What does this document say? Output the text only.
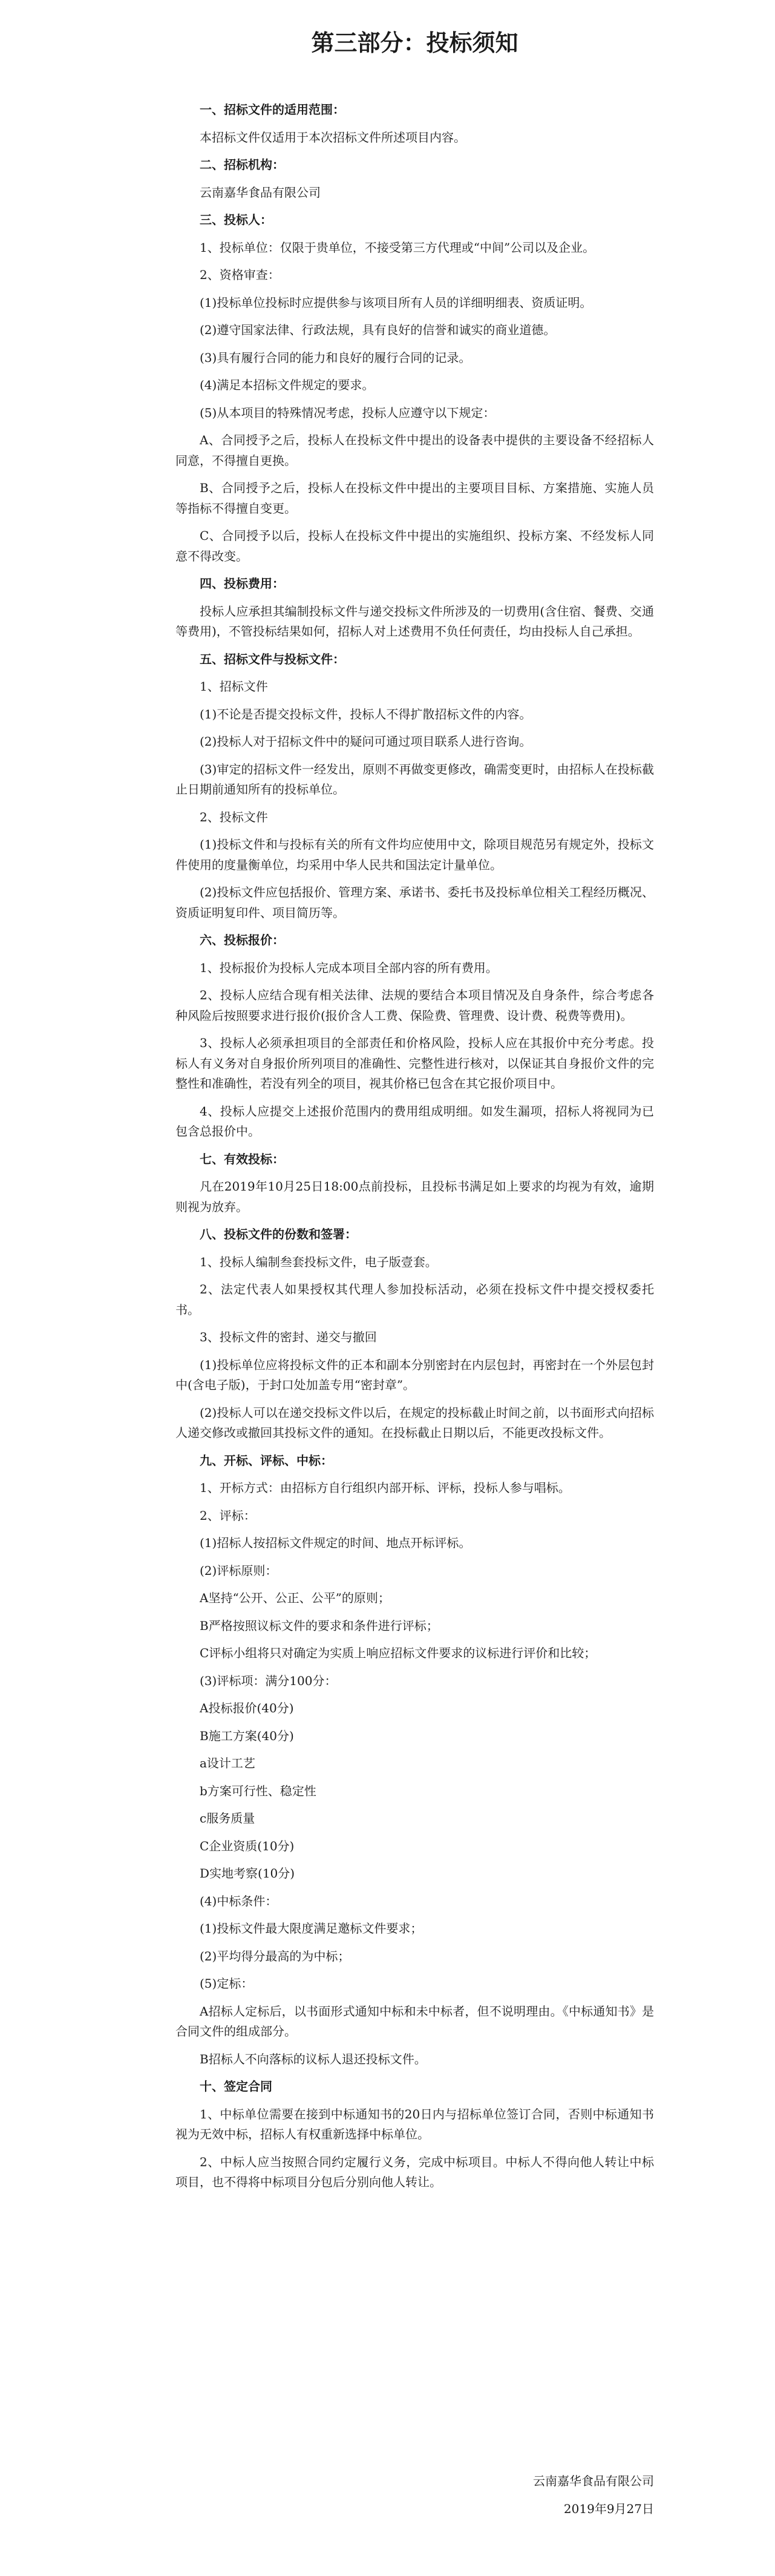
第三部分：投标须知

一、招标文件的适用范围：

本招标文件仅适用于本次招标文件所述项目内容。

二、招标机构：

云南嘉华食品有限公司

三、投标人：

1、投标单位：仅限于贵单位，不接受第三方代理或“中间”公司以及企业。

2、资格审查：

(1)投标单位投标时应提供参与该项目所有人员的详细明细表、资质证明。

(2)遵守国家法律、行政法规，具有良好的信誉和诚实的商业道德。

(3)具有履行合同的能力和良好的履行合同的记录。

(4)满足本招标文件规定的要求。

(5)从本项目的特殊情况考虑，投标人应遵守以下规定：

A、合同授予之后，投标人在投标文件中提出的设备表中提供的主要设备不经招标人同意，不得擅自更换。

B、合同授予之后，投标人在投标文件中提出的主要项目目标、方案措施、实施人员等指标不得擅自变更。

C、合同授予以后，投标人在投标文件中提出的实施组织、投标方案、不经发标人同意不得改变。

四、投标费用：

投标人应承担其编制投标文件与递交投标文件所涉及的一切费用(含住宿、餐费、交通等费用)，不管投标结果如何，招标人对上述费用不负任何责任，均由投标人自己承担。

五、招标文件与投标文件：

1、招标文件

(1)不论是否提交投标文件，投标人不得扩散招标文件的内容。

(2)投标人对于招标文件中的疑问可通过项目联系人进行咨询。

(3)审定的招标文件一经发出，原则不再做变更修改，确需变更时，由招标人在投标截止日期前通知所有的投标单位。

2、投标文件

(1)投标文件和与投标有关的所有文件均应使用中文，除项目规范另有规定外，投标文件使用的度量衡单位，均采用中华人民共和国法定计量单位。

(2)投标文件应包括报价、管理方案、承诺书、委托书及投标单位相关工程经历概况、资质证明复印件、项目简历等。

六、投标报价：

1、投标报价为投标人完成本项目全部内容的所有费用。

2、投标人应结合现有相关法律、法规的要结合本项目情况及自身条件，综合考虑各种风险后按照要求进行报价(报价含人工费、保险费、管理费、设计费、税费等费用)。

3、投标人必须承担项目的全部责任和价格风险，投标人应在其报价中充分考虑。投标人有义务对自身报价所列项目的准确性、完整性进行核对，以保证其自身报价文件的完整性和准确性，若没有列全的项目，视其价格已包含在其它报价项目中。

4、投标人应提交上述报价范围内的费用组成明细。如发生漏项，招标人将视同为已包含总报价中。

七、有效投标：

凡在2019年10月25日18:00点前投标，且投标书满足如上要求的均视为有效，逾期则视为放弃。

八、投标文件的份数和签署：

1、投标人编制叁套投标文件，电子版壹套。

2、法定代表人如果授权其代理人参加投标活动，必须在投标文件中提交授权委托书。

3、投标文件的密封、递交与撤回

(1)投标单位应将投标文件的正本和副本分别密封在内层包封，再密封在一个外层包封中(含电子版)，于封口处加盖专用“密封章”。

(2)投标人可以在递交投标文件以后，在规定的投标截止时间之前，以书面形式向招标人递交修改或撤回其投标文件的通知。在投标截止日期以后，不能更改投标文件。

九、开标、评标、中标：

1、开标方式：由招标方自行组织内部开标、评标，投标人参与唱标。

2、评标：

(1)招标人按招标文件规定的时间、地点开标评标。

(2)评标原则：

A坚持“公开、公正、公平”的原则；

B严格按照议标文件的要求和条件进行评标；

C评标小组将只对确定为实质上响应招标文件要求的议标进行评价和比较；

(3)评标项：满分100分：

A投标报价(40分)

B施工方案(40分)

a设计工艺

b方案可行性、稳定性

c服务质量

C企业资质(10分)

D实地考察(10分)

(4)中标条件：

(1)投标文件最大限度满足邀标文件要求；

(2)平均得分最高的为中标；

(5)定标：

A招标人定标后，以书面形式通知中标和未中标者，但不说明理由。《中标通知书》是合同文件的组成部分。

B招标人不向落标的议标人退还投标文件。

十、签定合同

1、中标单位需要在接到中标通知书的20日内与招标单位签订合同，否则中标通知书视为无效中标，招标人有权重新选择中标单位。

2、中标人应当按照合同约定履行义务，完成中标项目。中标人不得向他人转让中标项目，也不得将中标项目分包后分别向他人转让。

云南嘉华食品有限公司
2019年9月27日
